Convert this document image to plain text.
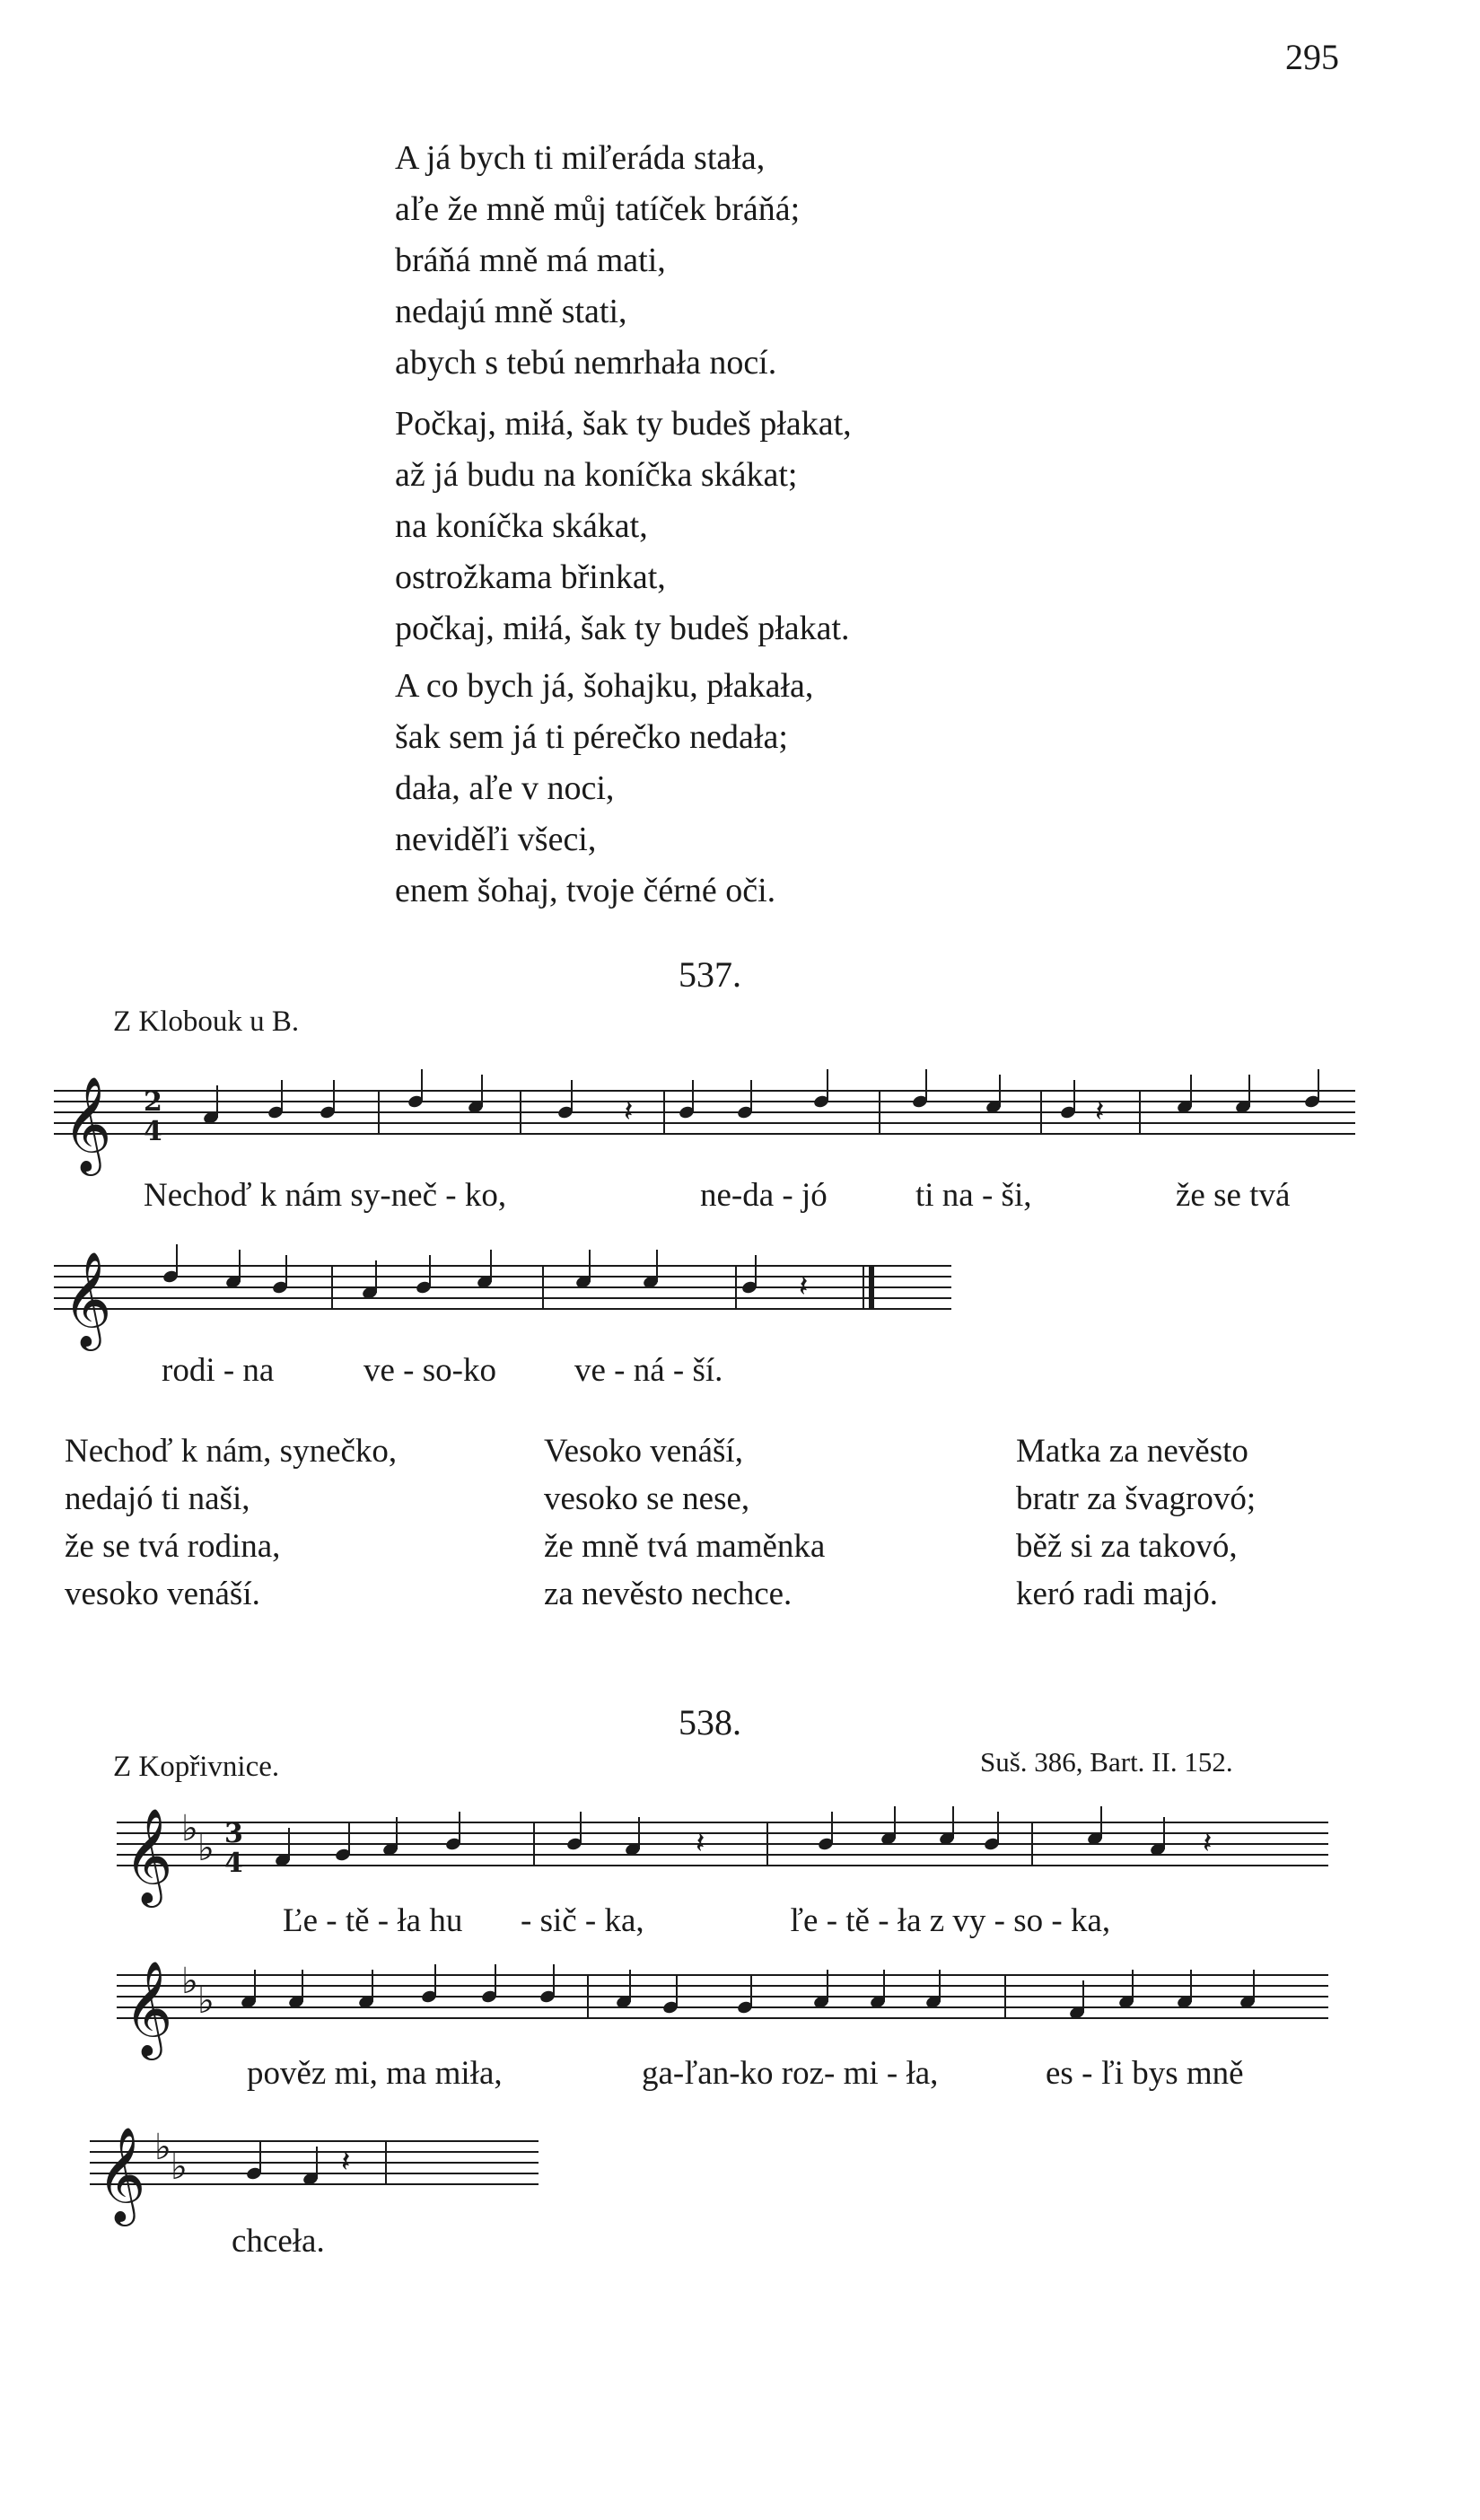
295
A já bych ti miľeráda stała,
aľe že mně můj tatíček bráňá;
bráňá mně má mati,
nedajú mně stati,
abych s tebú nemrhała nocí.
Počkaj, miłá, šak ty budeš płakat,
až já budu na koníčka skákat;
na koníčka skákat,
ostrožkama břinkat,
počkaj, miłá, šak ty budeš płakat.
A co bych já, šohajku, płakała,
šak sem já ti pérečko nedała;
dała, aľe v noci,
neviděľi všeci,
enem šohaj, tvoje čérné oči.
537.
Z Klobouk u B.
𝄞 2
4
𝄽	𝄽
Nechoď k nám sy-neč - ko,	ne-da - jó	ti na - ši,	že se tvá
𝄞	𝄽
rodi - na	ve - so-ko ve - ná - ší.
Nechoď k nám, synečko,
nedajó ti naši,
že se tvá rodina,
vesoko venáší.
Vesoko venáší,
vesoko se nese,
že mně tvá maměnka
za nevěsto nechce.
Matka za nevěsto
bratr za švagrovó;
běž si za takovó,
keró radi majó.
538.
Z Kopřivnice.	Suš. 386, Bart. II. 152.
𝄞 ♭ ♭ 3
4
𝄽	𝄽
Ľe - tě - ła hu - sič - ka,	ľe - tě - ła z vy - so - ka,
𝄞 ♭ ♭
pověz mi, ma miła,	ga-ľan-ko roz- mi - ła,	es - ľi bys mně
𝄞 ♭ ♭	𝄽
chceła.
